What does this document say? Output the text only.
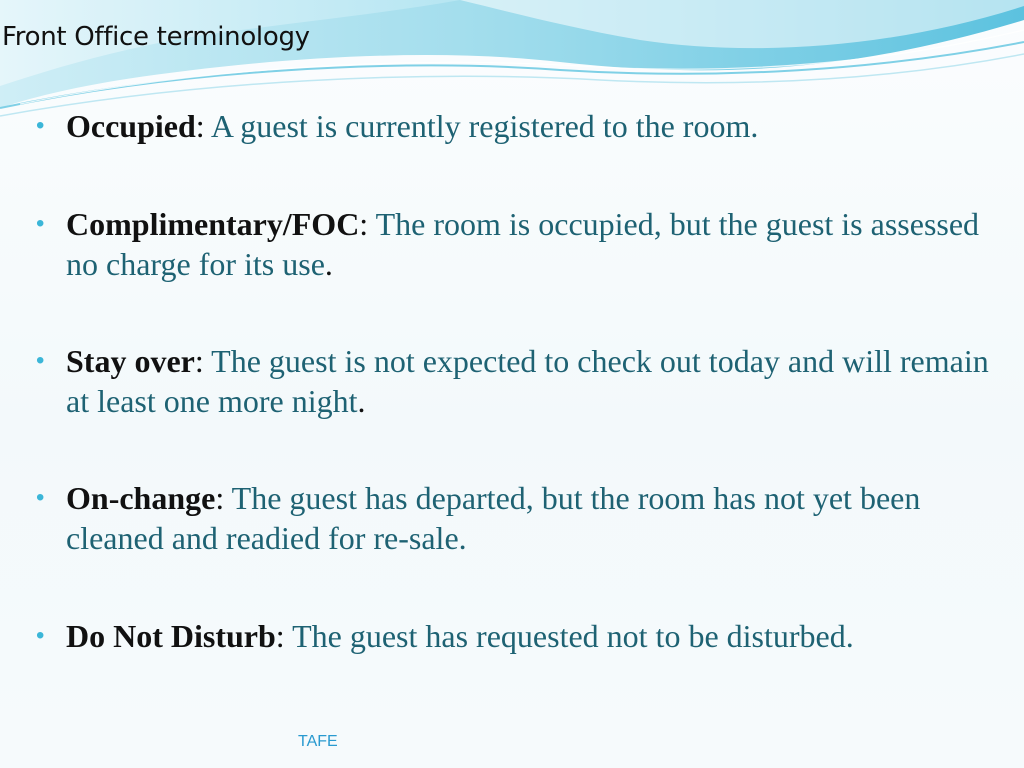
Front Office terminology
• Occupied: A guest is currently registered to the room.
• Complimentary/FOC: The room is occupied, but the guest is assessed no charge for its use.
• Stay over: The guest is not expected to check out today and will remain at least one more night.
• On-change: The guest has departed, but the room has not yet been cleaned and readied for re-sale.
• Do Not Disturb: The guest has requested not to be disturbed.
TAFE
